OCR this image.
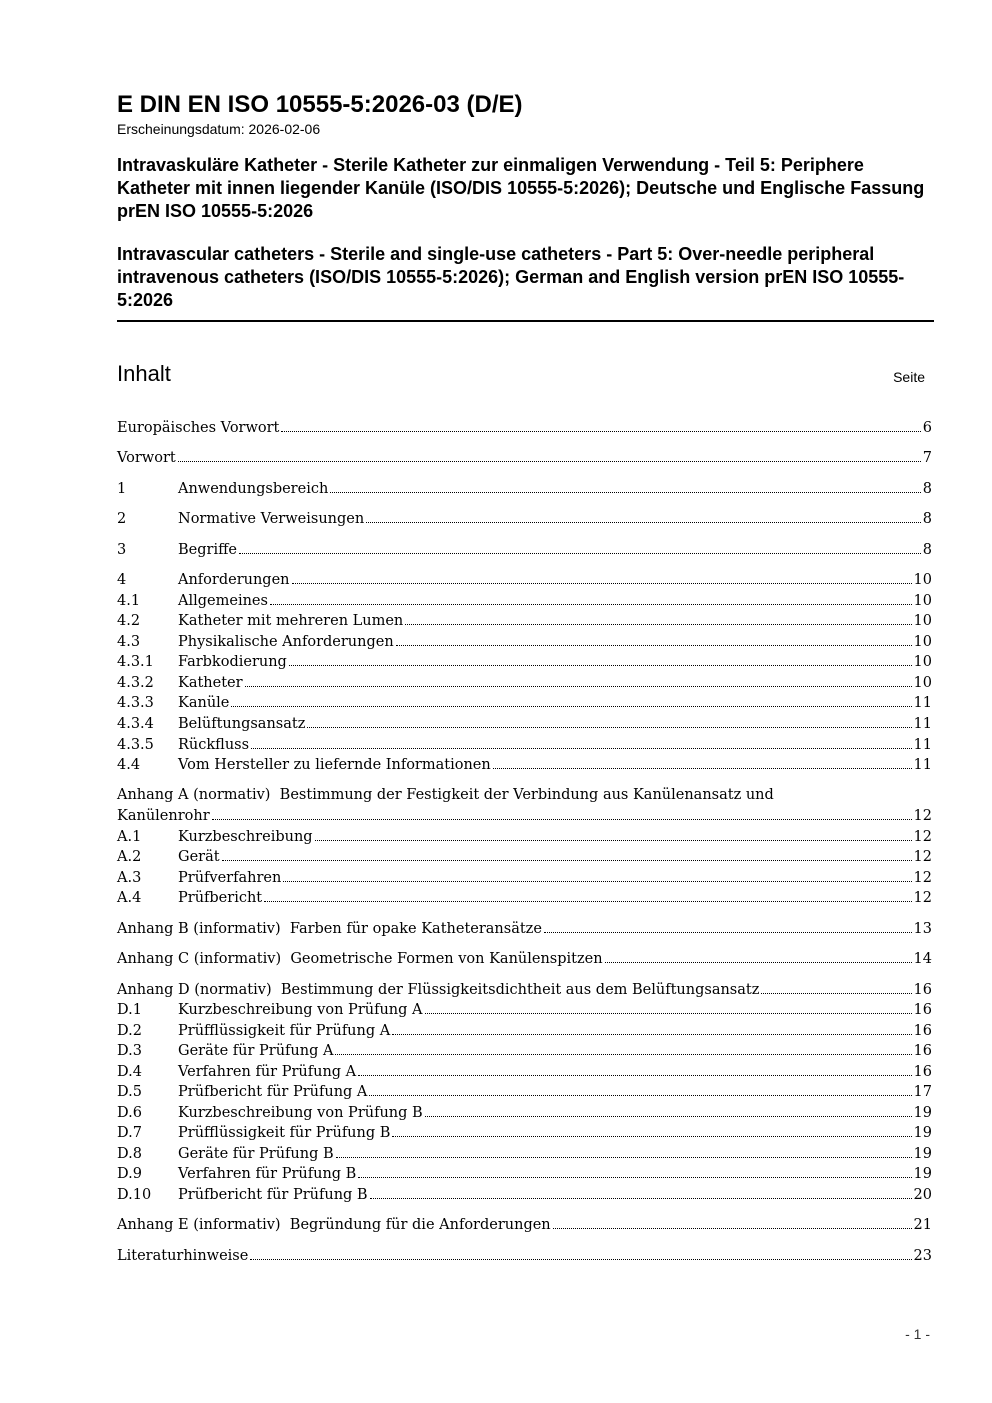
E DIN EN ISO 10555-5:2026-03 (D/E)

Erscheinungsdatum: 2026-02-06

Intravaskuläre Katheter - Sterile Katheter zur einmaligen Verwendung - Teil 5: Periphere Katheter mit innen liegender Kanüle (ISO/DIS 10555-5:2026); Deutsche und Englische Fassung prEN ISO 10555-5:2026

Intravascular catheters - Sterile and single-use catheters - Part 5: Over-needle peripheral intravenous catheters (ISO/DIS 10555-5:2026); German and English version prEN ISO 10555-5:2026

Inhalt	Seite
Europäisches Vorwort	6
Vorwort	7
1	Anwendungsbereich	8
2	Normative Verweisungen	8
3	Begriffe	8
4	Anforderungen	10
4.1	Allgemeines	10
4.2	Katheter mit mehreren Lumen	10
4.3	Physikalische Anforderungen	10
4.3.1	Farbkodierung	10
4.3.2	Katheter	10
4.3.3	Kanüle	11
4.3.4	Belüftungsansatz	11
4.3.5	Rückfluss	11
4.4	Vom Hersteller zu liefernde Informationen	11
Anhang A (normativ)  Bestimmung der Festigkeit der Verbindung aus Kanülenansatz und
Kanülenrohr	12
A.1	Kurzbeschreibung	12
A.2	Gerät	12
A.3	Prüfverfahren	12
A.4	Prüfbericht	12
Anhang B (informativ)  Farben für opake Katheteransätze	13
Anhang C (informativ)  Geometrische Formen von Kanülenspitzen	14
Anhang D (normativ)  Bestimmung der Flüssigkeitsdichtheit aus dem Belüftungsansatz	16
D.1	Kurzbeschreibung von Prüfung A	16
D.2	Prüfflüssigkeit für Prüfung A	16
D.3	Geräte für Prüfung A	16
D.4	Verfahren für Prüfung A	16
D.5	Prüfbericht für Prüfung A	17
D.6	Kurzbeschreibung von Prüfung B	19
D.7	Prüfflüssigkeit für Prüfung B	19
D.8	Geräte für Prüfung B	19
D.9	Verfahren für Prüfung B	19
D.10	Prüfbericht für Prüfung B	20
Anhang E (informativ)  Begründung für die Anforderungen	21
Literaturhinweise	23
- 1 -
